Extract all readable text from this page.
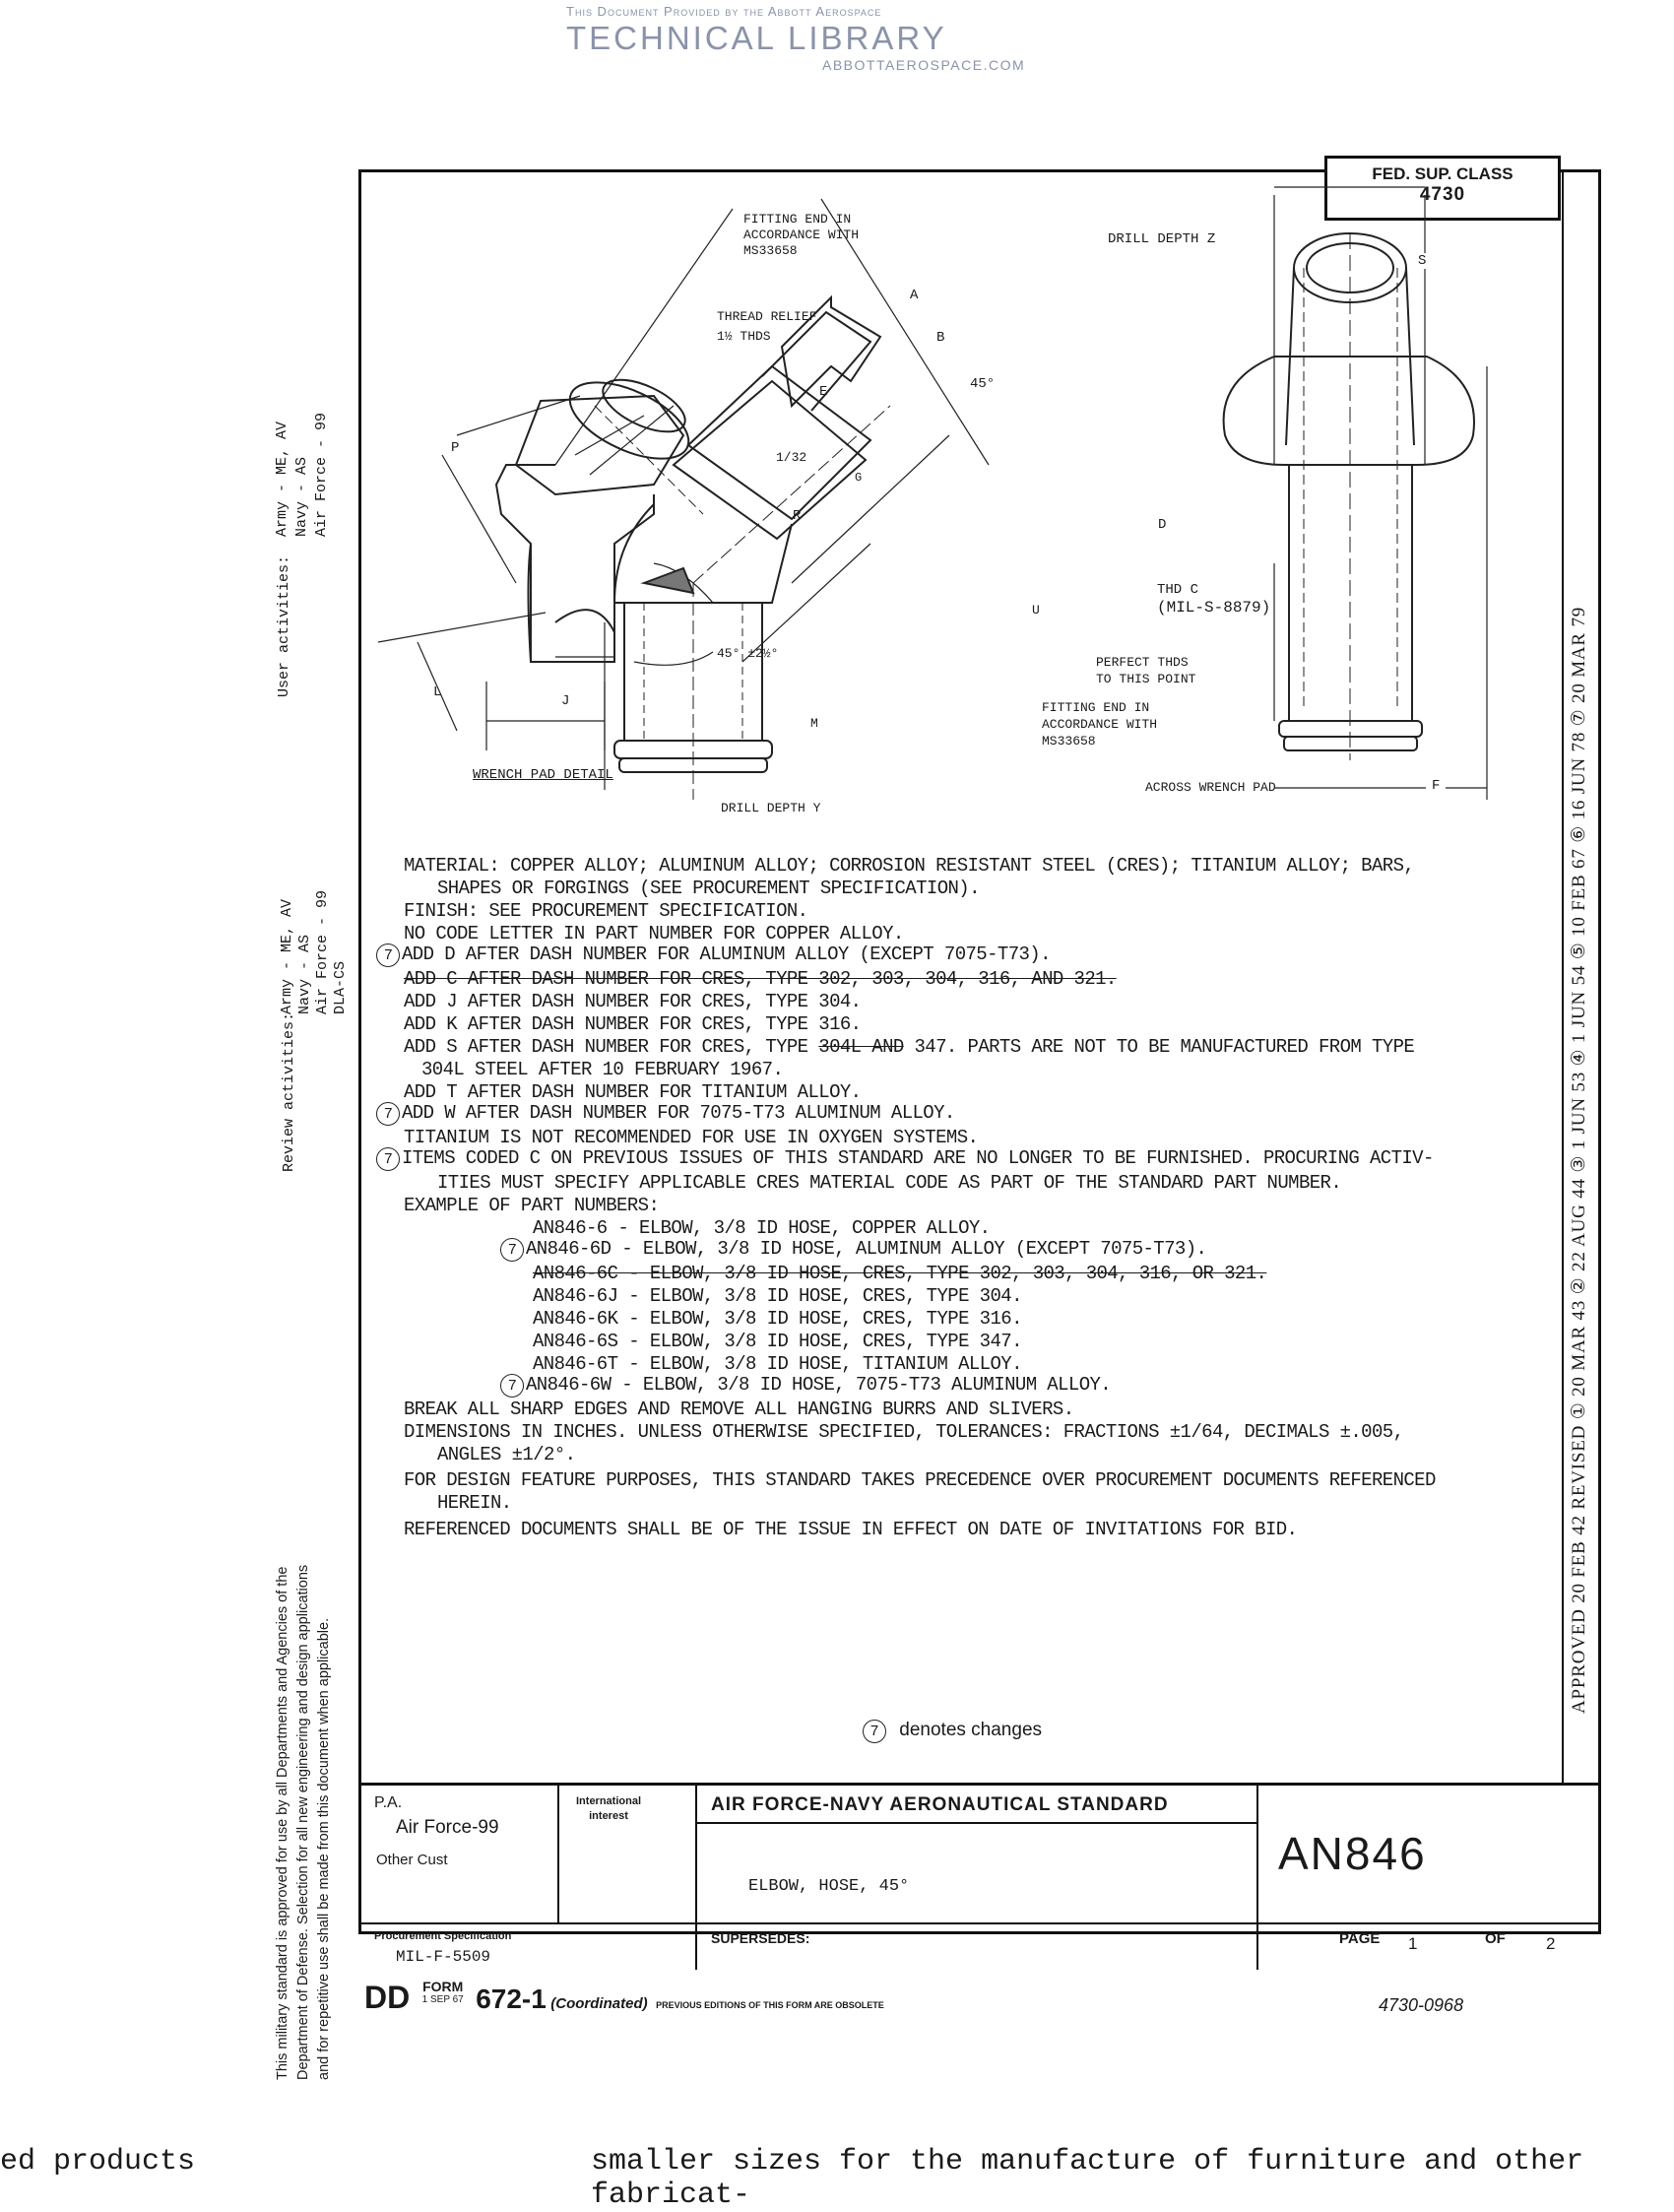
This Document Provided by the Abbott Aerospace
TECHNICAL LIBRARY
ABBOTTAEROSPACE.COM
FED. SUP. CLASS
4730
APPROVED 20 FEB 42 REVISED ① 20 MAR 43 ② 22 AUG 44 ③ 1 JUN 53 ④ 1 JUN 54 ⑤ 10 FEB 67 ⑥ 16 JUN 78 ⑦ 20 MAR 79
User activities:
Army - ME, AV Navy - AS Air Force - 99
Review activities:
Army - ME, AV Navy - AS Air Force - 99 DLA-CS
This military standard is approved for use by all Departments and Agencies of the Department of Defense. Selection for all new engineering and design applications and for repetitive use shall be made from this document when applicable.
FITTING END IN
ACCORDANCE WITH
MS33658
DRILL DEPTH Z
THREAD RELIEF
1½ THDS
A
B
E	45°
1/32
G
R
D
U
P
L
J
M
S
F
THD C
(MIL-S-8879)
PERFECT THDS
TO THIS POINT
FITTING END IN
ACCORDANCE WITH
MS33658
45° ±2½°
DRILL DEPTH Y
WRENCH PAD DETAIL
ACROSS WRENCH PAD
MATERIAL: COPPER ALLOY; ALUMINUM ALLOY; CORROSION RESISTANT STEEL (CRES); TITANIUM ALLOY; BARS,
SHAPES OR FORGINGS (SEE PROCUREMENT SPECIFICATION).
FINISH: SEE PROCUREMENT SPECIFICATION.
NO CODE LETTER IN PART NUMBER FOR COPPER ALLOY.
7 ADD D AFTER DASH NUMBER FOR ALUMINUM ALLOY (EXCEPT 7075-T73).
ADD C AFTER DASH NUMBER FOR CRES, TYPE 302, 303, 304, 316, AND 321.
ADD J AFTER DASH NUMBER FOR CRES, TYPE 304.
ADD K AFTER DASH NUMBER FOR CRES, TYPE 316.
ADD S AFTER DASH NUMBER FOR CRES, TYPE 304L AND 347. PARTS ARE NOT TO BE MANUFACTURED FROM TYPE
304L STEEL AFTER 10 FEBRUARY 1967.
ADD T AFTER DASH NUMBER FOR TITANIUM ALLOY.
7 ADD W AFTER DASH NUMBER FOR 7075-T73 ALUMINUM ALLOY.
TITANIUM IS NOT RECOMMENDED FOR USE IN OXYGEN SYSTEMS.
7 ITEMS CODED C ON PREVIOUS ISSUES OF THIS STANDARD ARE NO LONGER TO BE FURNISHED. PROCURING ACTIV-
ITIES MUST SPECIFY APPLICABLE CRES MATERIAL CODE AS PART OF THE STANDARD PART NUMBER.
EXAMPLE OF PART NUMBERS:
AN846-6 - ELBOW, 3/8 ID HOSE, COPPER ALLOY.
7 AN846-6D - ELBOW, 3/8 ID HOSE, ALUMINUM ALLOY (EXCEPT 7075-T73).
AN846-6C - ELBOW, 3/8 ID HOSE, CRES, TYPE 302, 303, 304, 316, OR 321.
AN846-6J - ELBOW, 3/8 ID HOSE, CRES, TYPE 304.
AN846-6K - ELBOW, 3/8 ID HOSE, CRES, TYPE 316.
AN846-6S - ELBOW, 3/8 ID HOSE, CRES, TYPE 347.
AN846-6T - ELBOW, 3/8 ID HOSE, TITANIUM ALLOY.
7 AN846-6W - ELBOW, 3/8 ID HOSE, 7075-T73 ALUMINUM ALLOY.
BREAK ALL SHARP EDGES AND REMOVE ALL HANGING BURRS AND SLIVERS.
DIMENSIONS IN INCHES. UNLESS OTHERWISE SPECIFIED, TOLERANCES: FRACTIONS ±1/64, DECIMALS ±.005,
ANGLES ±1/2°.
FOR DESIGN FEATURE PURPOSES, THIS STANDARD TAKES PRECEDENCE OVER PROCUREMENT DOCUMENTS REFERENCED
HEREIN.
REFERENCED DOCUMENTS SHALL BE OF THE ISSUE IN EFFECT ON DATE OF INVITATIONS FOR BID.
7 denotes changes
P.A.
Air Force-99
Other Cust
International
interest
AIR FORCE-NAVY AERONAUTICAL STANDARD
ELBOW, HOSE, 45°
AN846
Procurement Specification
MIL-F-5509
SUPERSEDES:	PAGE 1	OF 2
DD FORM
1 SEP 67 672-1 (Coordinated) PREVIOUS EDITIONS OF THIS FORM ARE OBSOLETE	4730-0968
ed products	smaller sizes for the manufacture of furniture and other fabricat-
